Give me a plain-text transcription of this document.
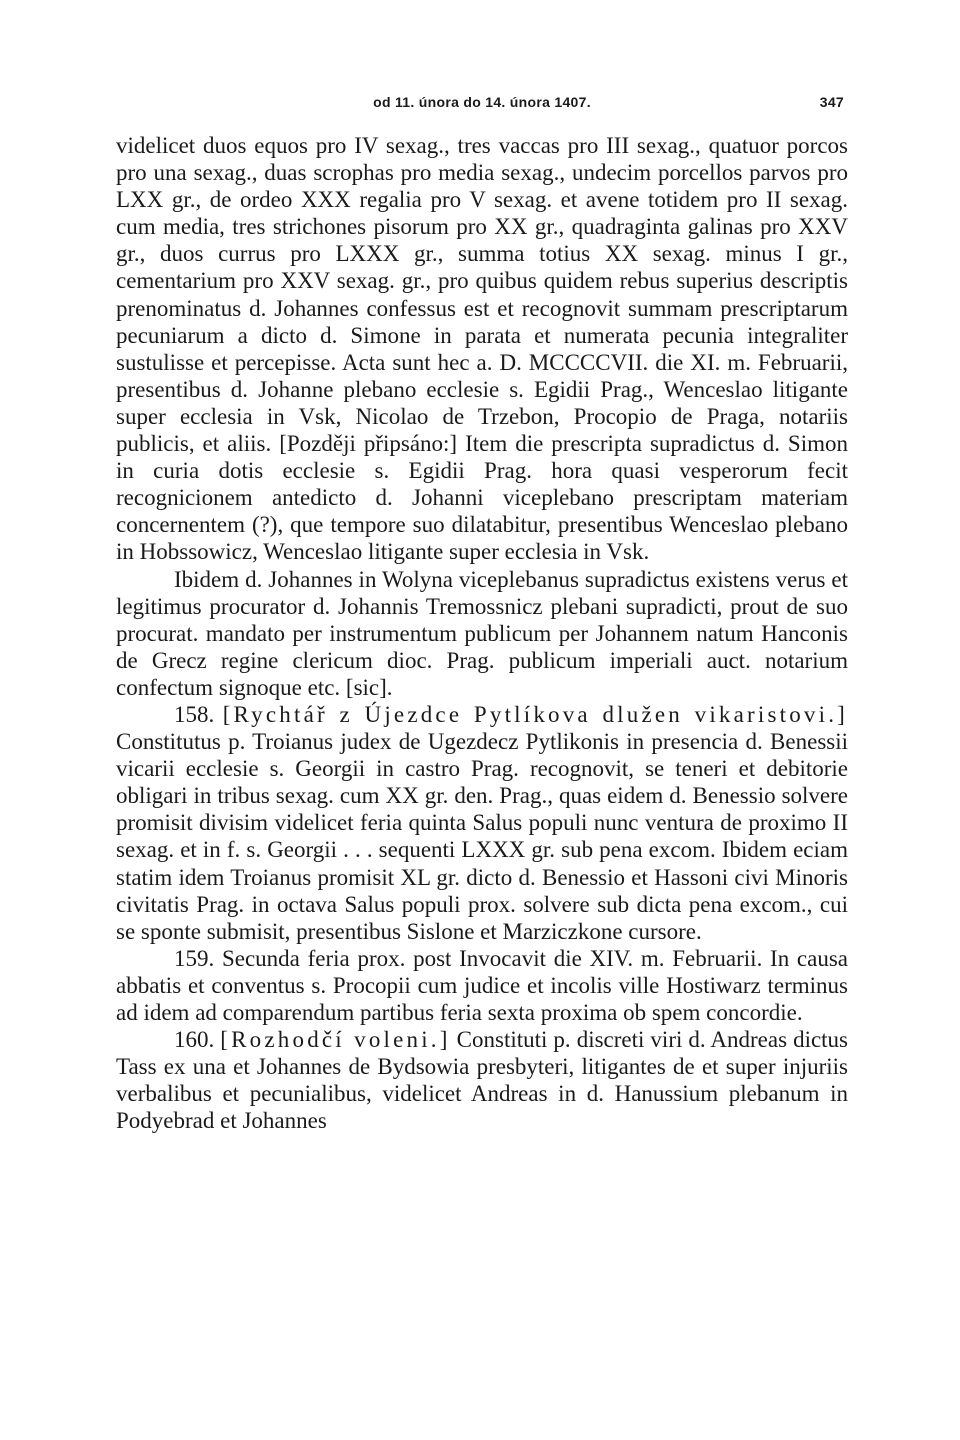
od 11. února do 14. února 1407.	347

videlicet duos equos pro IV sexag., tres vaccas pro III sexag., quatuor porcos pro una sexag., duas scrophas pro media sexag., undecim porcellos parvos pro LXX gr., de ordeo XXX regalia pro V sexag. et avene totidem pro II sexag. cum media, tres strichones pisorum pro XX gr., quadraginta galinas pro XXV gr., duos currus pro LXXX gr., summa totius XX sexag. minus I gr., cementarium pro XXV sexag. gr., pro quibus quidem rebus superius descriptis prenominatus d. Johannes confessus est et recognovit summam prescriptarum pecuniarum a dicto d. Simone in parata et numerata pecunia integraliter sustulisse et percepisse. Acta sunt hec a. D. MCCCCVII. die XI. m. Februarii, presentibus d. Johanne plebano ecclesie s. Egidii Prag., Wenceslao litigante super ecclesia in Vsk, Nicolao de Trzebon, Procopio de Praga, notariis publicis, et aliis. [Později připsáno:] Item die prescripta supradictus d. Simon in curia dotis ecclesie s. Egidii Prag. hora quasi vesperorum fecit recognicionem antedicto d. Johanni viceplebano prescriptam materiam concernentem (?), que tempore suo dilatabitur, presentibus Wenceslao plebano in Hobssowicz, Wenceslao litigante super ecclesia in Vsk.

Ibidem d. Johannes in Wolyna viceplebanus supradictus existens verus et legitimus procurator d. Johannis Tremossnicz plebani supradicti, prout de suo procurat. mandato per instrumentum publicum per Johannem natum Hanconis de Grecz regine clericum dioc. Prag. publicum imperiali auct. notarium confectum signoque etc. [sic].

158. [Rychtář z Újezdce Pytlíkova dlužen vikaristovi.] Constitutus p. Troianus judex de Ugezdecz Pytlikonis in presencia d. Benessii vicarii ecclesie s. Georgii in castro Prag. recognovit, se teneri et debitorie obligari in tribus sexag. cum XX gr. den. Prag., quas eidem d. Benessio solvere promisit divisim videlicet feria quinta Salus populi nunc ventura de proximo II sexag. et in f. s. Georgii . . . sequenti LXXX gr. sub pena excom. Ibidem eciam statim idem Troianus promisit XL gr. dicto d. Benessio et Hassoni civi Minoris civitatis Prag. in octava Salus populi prox. solvere sub dicta pena excom., cui se sponte submisit, presentibus Sislone et Marziczkone cursore.

159. Secunda feria prox. post Invocavit die XIV. m. Februarii. In causa abbatis et conventus s. Procopii cum judice et incolis ville Hostiwarz terminus ad idem ad comparendum partibus feria sexta proxima ob spem concordie.

160. [Rozhodčí voleni.] Constituti p. discreti viri d. Andreas dictus Tass ex una et Johannes de Bydsowia presbyteri, litigantes de et super injuriis verbalibus et pecunialibus, videlicet Andreas in d. Hanussium plebanum in Podyebrad et Johannes
